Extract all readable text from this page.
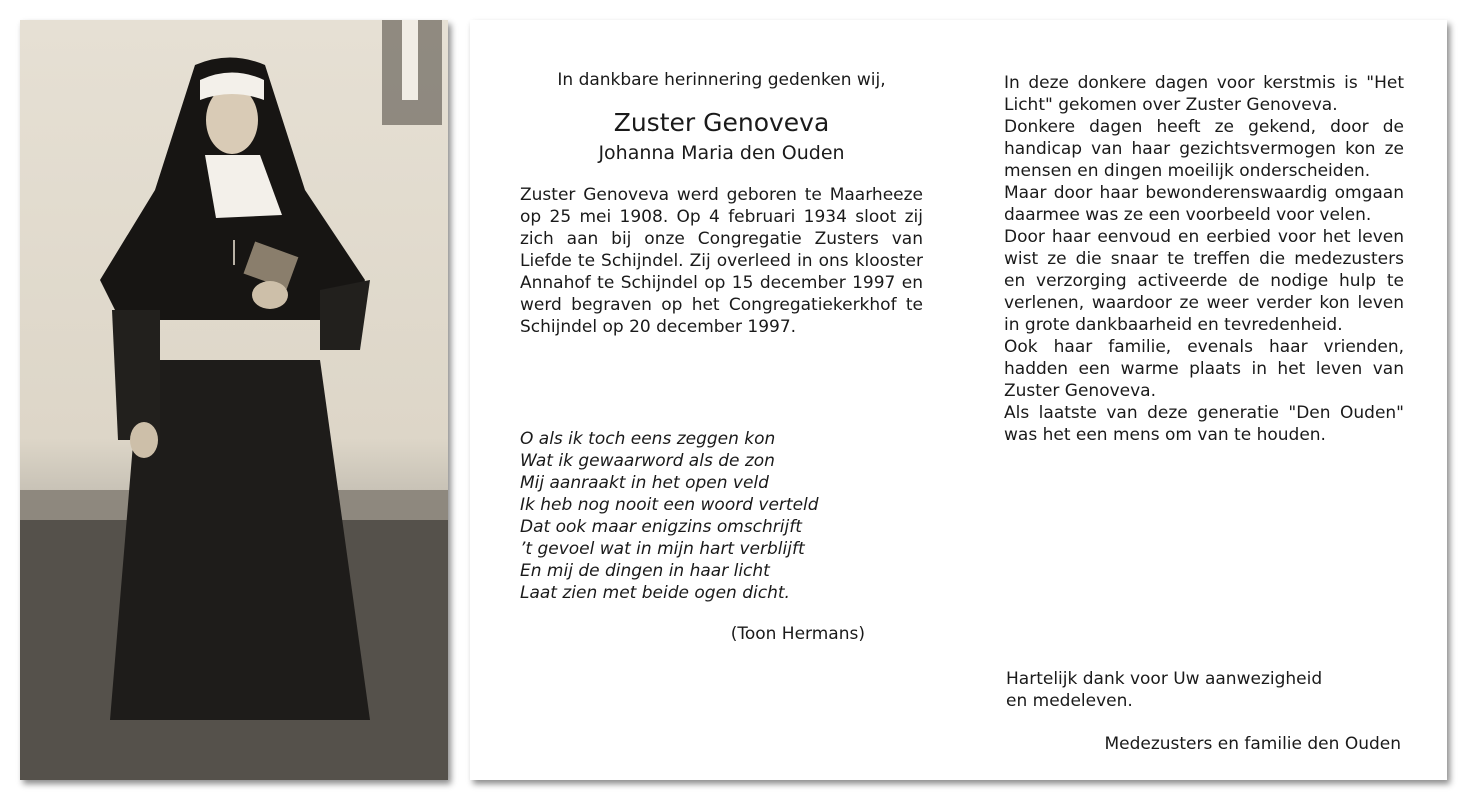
In dankbare herinnering gedenken wij,
Zuster Genoveva
Johanna Maria den Ouden

Zuster Genoveva werd geboren te Maarheeze op 25 mei 1908. Op 4 februari 1934 sloot zij zich aan bij onze Congregatie Zusters van Liefde te Schijndel. Zij overleed in ons klooster Annahof te Schijndel op 15 december 1997 en werd begraven op het Congregatiekerkhof te Schijndel op 20 december 1997.

O als ik toch eens zeggen kon
Wat ik gewaarword als de zon
Mij aanraakt in het open veld
Ik heb nog nooit een woord verteld
Dat ook maar enigzins omschrijft
’t gevoel wat in mijn hart verblijft
En mij de dingen in haar licht
Laat zien met beide ogen dicht.
(Toon Hermans)
In deze donkere dagen voor kerstmis is "Het Licht" gekomen over Zuster Genoveva.
Donkere dagen heeft ze gekend, door de handicap van haar gezichtsvermogen kon ze mensen en dingen moeilijk onderscheiden.
Maar door haar bewonderenswaardig omgaan daarmee was ze een voorbeeld voor velen.
Door haar eenvoud en eerbied voor het leven wist ze die snaar te treffen die medezusters en verzorging activeerde de nodige hulp te verlenen, waardoor ze weer verder kon leven in grote dankbaarheid en tevredenheid.
Ook haar familie, evenals haar vrienden, hadden een warme plaats in het leven van Zuster Genoveva.
Als laatste van deze generatie "Den Ouden" was het een mens om van te houden.
Hartelijk dank voor Uw aanwezigheid
en medeleven.
Medezusters en familie den Ouden
